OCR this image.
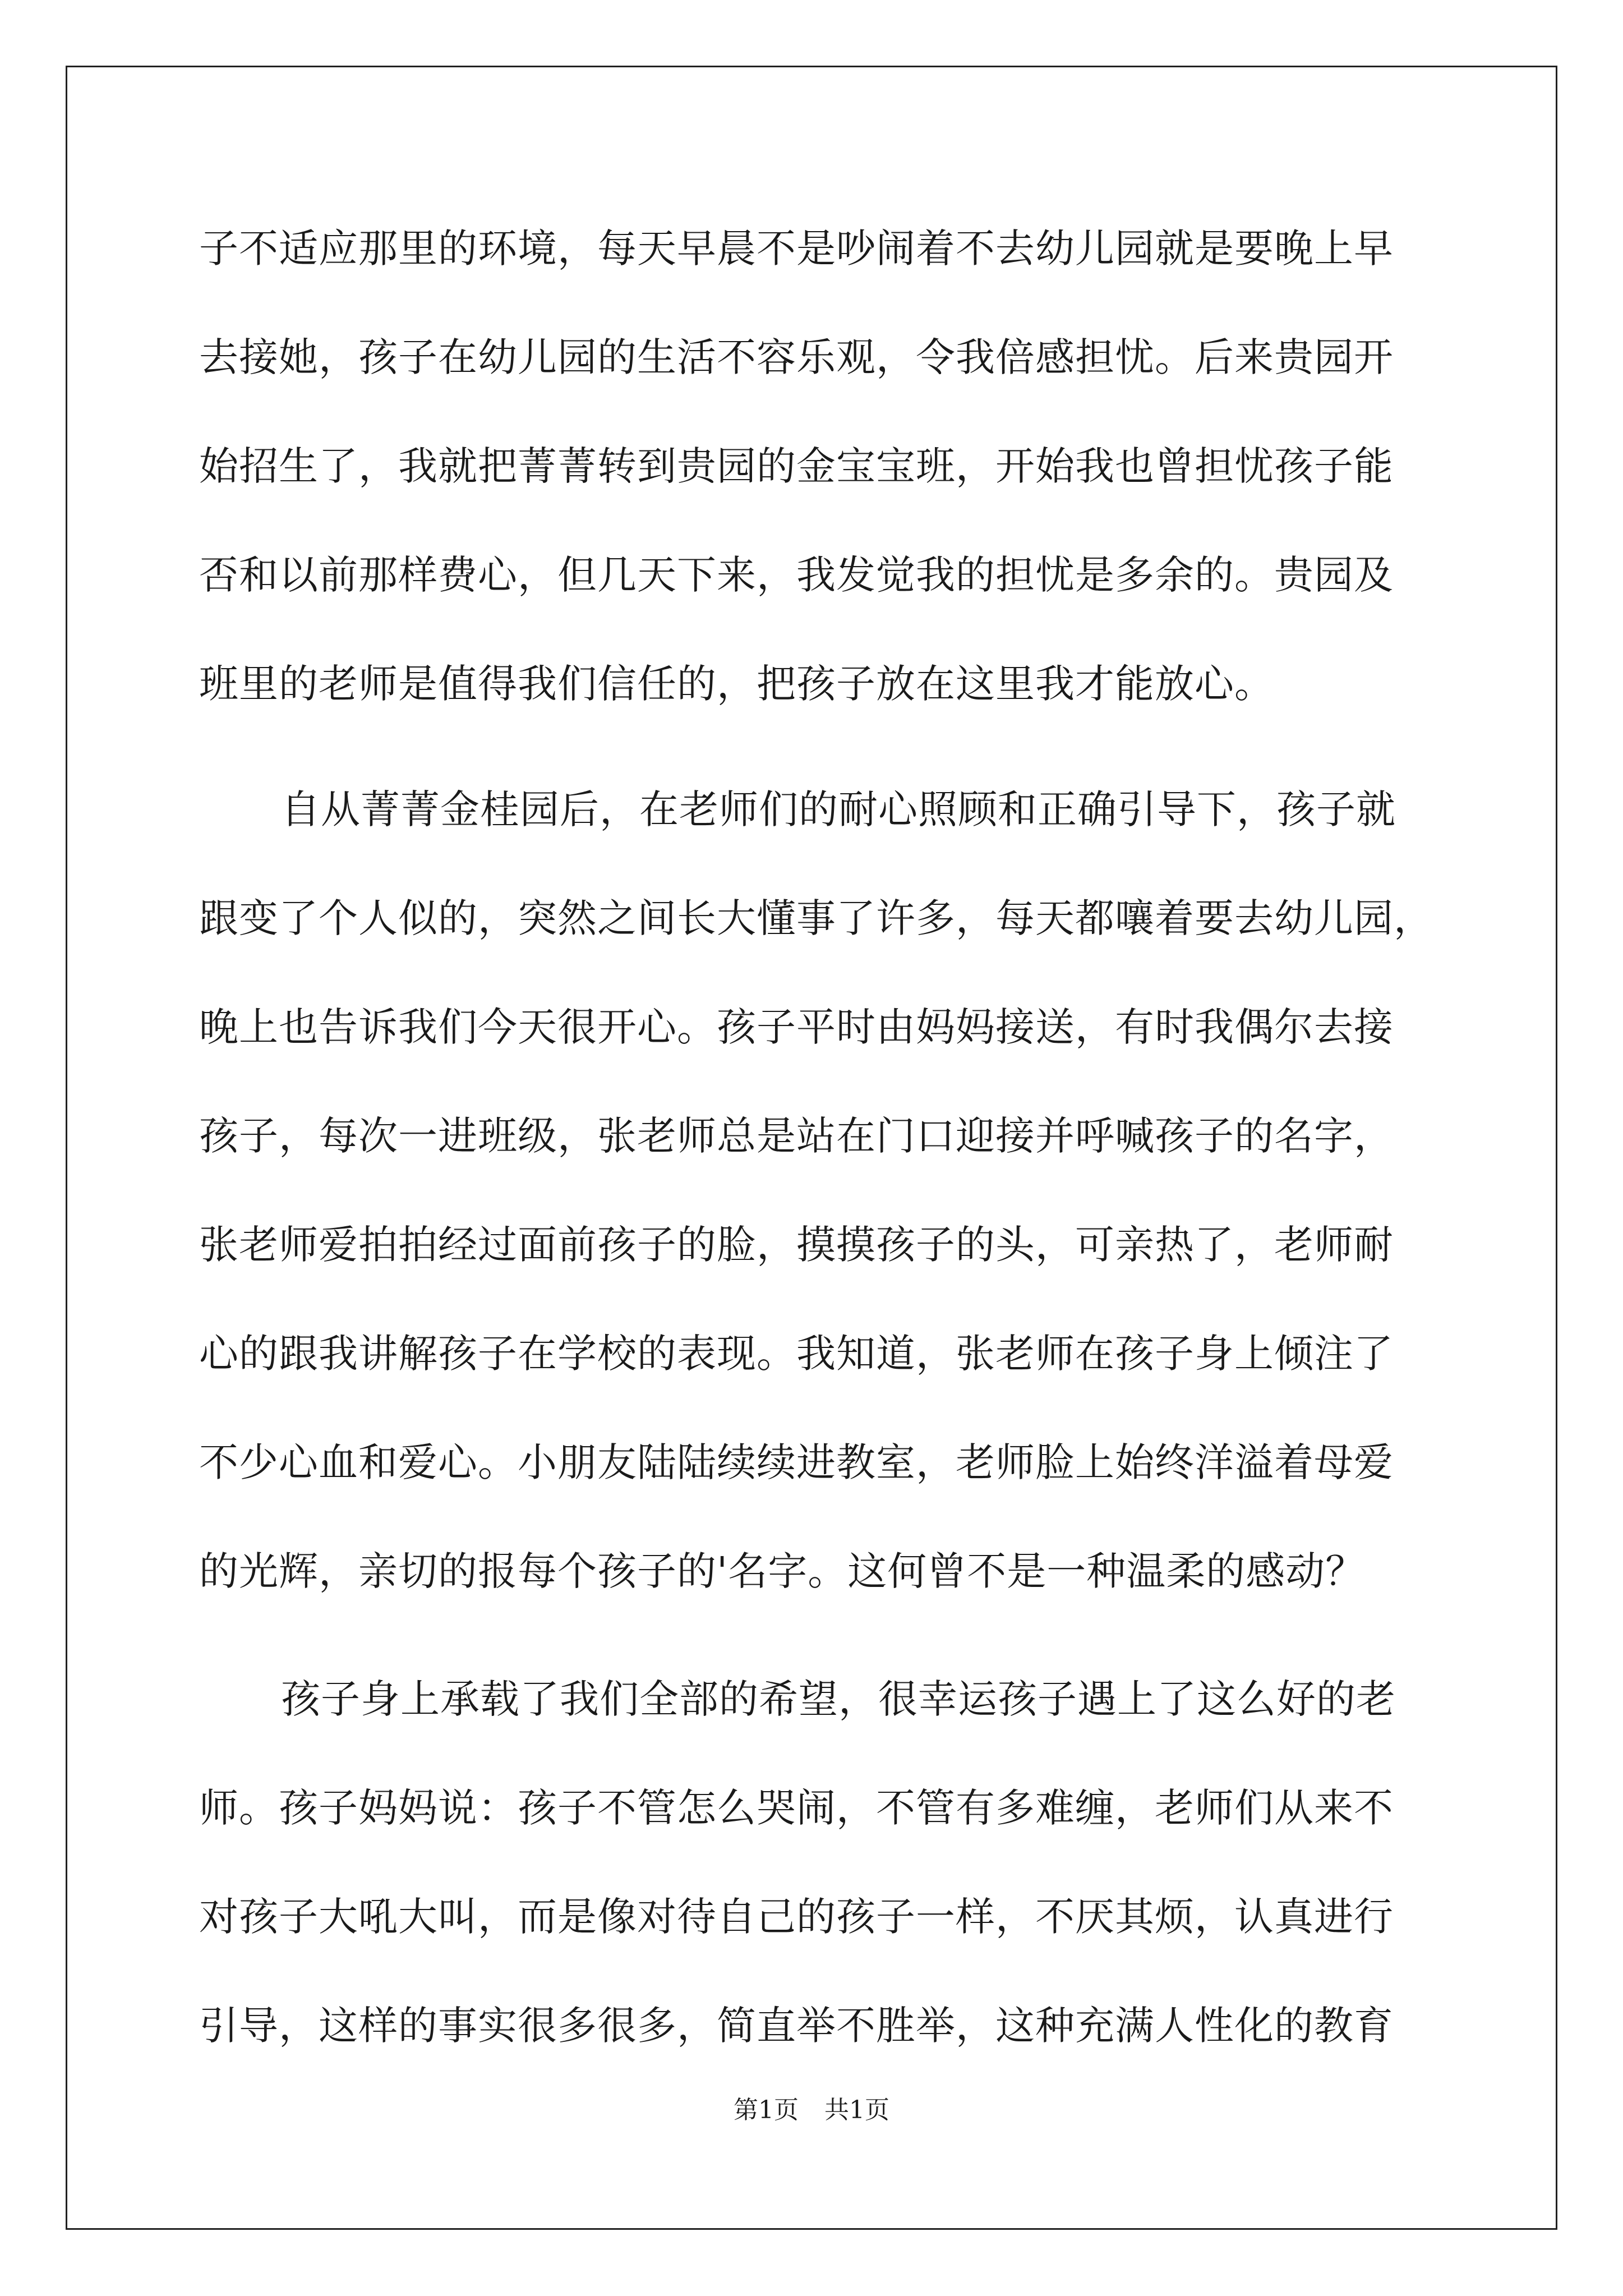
子不适应那里的环境，每天早晨不是吵闹着不去幼儿园就是要晚上早
去接她，孩子在幼儿园的生活不容乐观，令我倍感担忧。后来贵园开
始招生了，我就把菁菁转到贵园的金宝宝班，开始我也曾担忧孩子能
否和以前那样费心，但几天下来，我发觉我的担忧是多余的。贵园及
班里的老师是值得我们信任的，把孩子放在这里我才能放心。
自从菁菁金桂园后，在老师们的耐心照顾和正确引导下，孩子就
跟变了个人似的，突然之间长大懂事了许多，每天都嚷着要去幼儿园，
晚上也告诉我们今天很开心。孩子平时由妈妈接送，有时我偶尔去接
孩子，每次一进班级，张老师总是站在门口迎接并呼喊孩子的名字，
张老师爱拍拍经过面前孩子的脸，摸摸孩子的头，可亲热了，老师耐
心的跟我讲解孩子在学校的表现。我知道，张老师在孩子身上倾注了
不少心血和爱心。小朋友陆陆续续进教室，老师脸上始终洋溢着母爱
的光辉，亲切的报每个孩子的'名字。这何曾不是一种温柔的感动？
孩子身上承载了我们全部的希望，很幸运孩子遇上了这么好的老
师。孩子妈妈说：孩子不管怎么哭闹，不管有多难缠，老师们从来不
对孩子大吼大叫，而是像对待自己的孩子一样，不厌其烦，认真进行
引导，这样的事实很多很多，简直举不胜举，这种充满人性化的教育
第1页 共1页
